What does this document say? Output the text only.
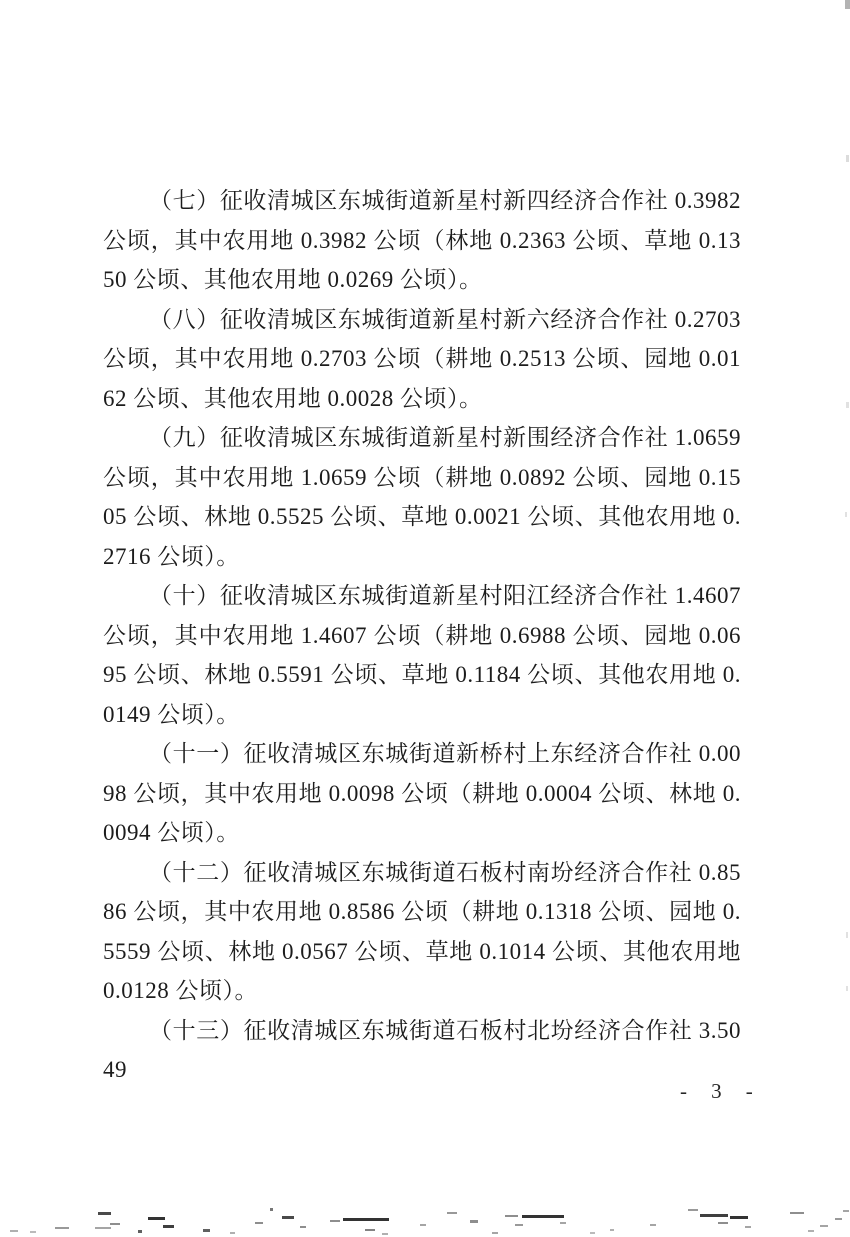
（七）征收清城区东城街道新星村新四经济合作社 0.3982 公顷，其中农用地 0.3982 公顷（林地 0.2363 公顷、草地 0.1350 公顷、其他农用地 0.0269 公顷）。

（八）征收清城区东城街道新星村新六经济合作社 0.2703 公顷，其中农用地 0.2703 公顷（耕地 0.2513 公顷、园地 0.0162 公顷、其他农用地 0.0028 公顷）。

（九）征收清城区东城街道新星村新围经济合作社 1.0659 公顷，其中农用地 1.0659 公顷（耕地 0.0892 公顷、园地 0.1505 公顷、林地 0.5525 公顷、草地 0.0021 公顷、其他农用地 0.2716 公顷）。

（十）征收清城区东城街道新星村阳江经济合作社 1.4607 公顷，其中农用地 1.4607 公顷（耕地 0.6988 公顷、园地 0.0695 公顷、林地 0.5591 公顷、草地 0.1184 公顷、其他农用地 0.0149 公顷）。

（十一）征收清城区东城街道新桥村上东经济合作社 0.0098 公顷，其中农用地 0.0098 公顷（耕地 0.0004 公顷、林地 0.0094 公顷）。

（十二）征收清城区东城街道石板村南坋经济合作社 0.8586 公顷，其中农用地 0.8586 公顷（耕地 0.1318 公顷、园地 0.5559 公顷、林地 0.0567 公顷、草地 0.1014 公顷、其他农用地 0.0128 公顷）。

（十三）征收清城区东城街道石板村北坋经济合作社 3.5049

- 3 -
